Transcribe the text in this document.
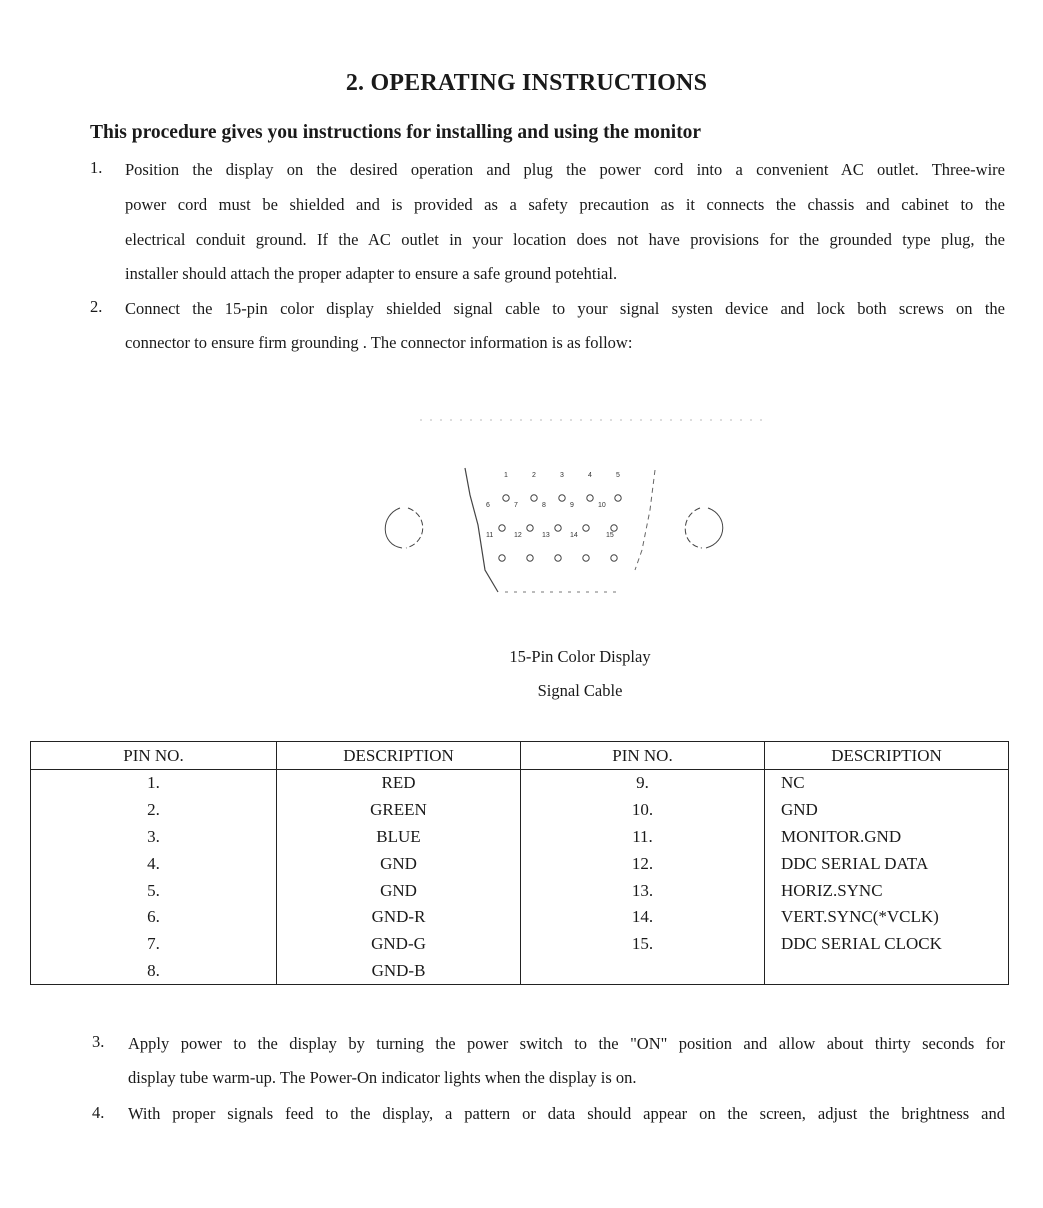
2. OPERATING INSTRUCTIONS
This procedure gives you instructions for installing and using the monitor
1. Position the display on the desired operation and plug the power cord into a convenient AC outlet. Three-wire
power cord must be shielded and is provided as a safety precaution as it connects the chassis and cabinet to the
electrical conduit ground. If the AC outlet in your location does not have provisions for the grounded type plug, the
installer should attach the proper adapter to ensure a safe ground potehtial.
2. Connect the 15-pin color display shielded signal cable to your signal systen device and lock both screws on the
connector to ensure firm grounding . The connector information is as follow:
1	2	3	4	5
6	7	8	9	10
11	12	13	14	15
15-Pin Color Display
Signal Cable
PIN NO.	DESCRIPTION	PIN NO.	DESCRIPTION
1.	RED	9.	NC
2.	GREEN	10.	GND
3.	BLUE	11.	MONITOR.GND
4.	GND	12.	DDC SERIAL DATA
5.	GND	13.	HORIZ.SYNC
6.	GND-R	14.	VERT.SYNC(*VCLK)
7.	GND-G	15.	DDC SERIAL CLOCK
8.	GND-B		
3. Apply power to the display by turning the power switch to the "ON" position and allow about thirty seconds for
display tube warm-up. The Power-On indicator lights when the display is on.
4. With proper signals feed to the display, a pattern or data should appear on the screen, adjust the brightness and
